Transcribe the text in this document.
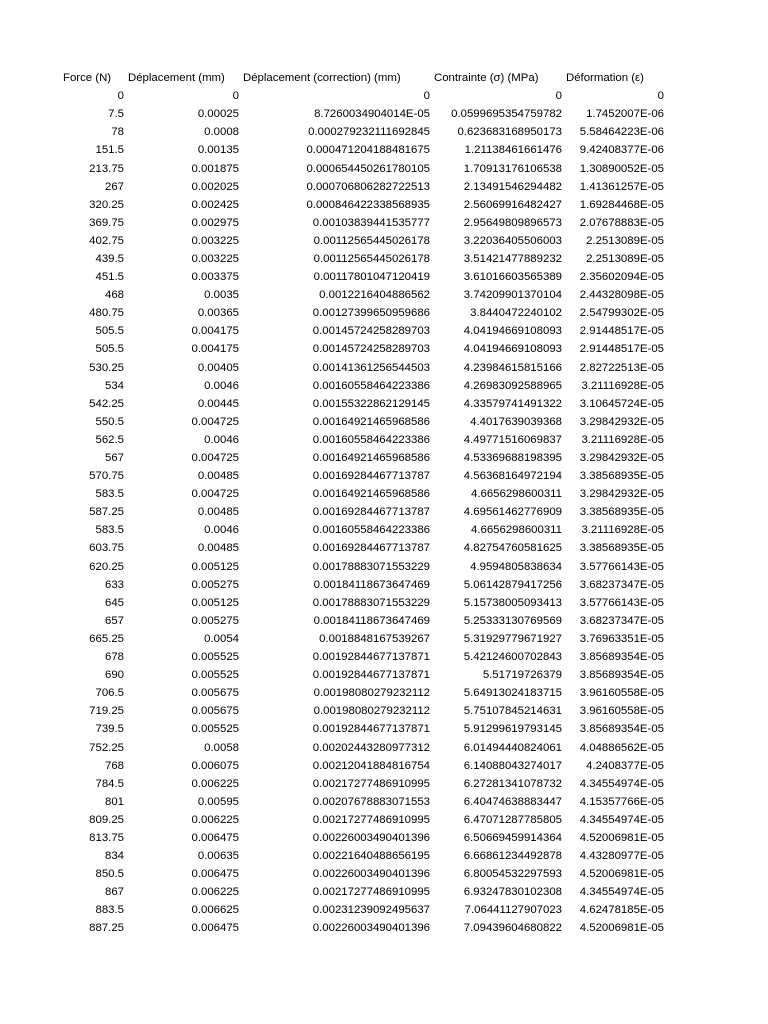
Force (N)	Déplacement (mm)	Déplacement (correction) (mm)	Contrainte (σ) (MPa)	Déformation (ε)
0	0	0	0	0
7.5	0.00025	8.7260034904014E-05	0.0599695354759782	1.7452007E-06
78	0.0008	0.000279232111692845	0.623683168950173	5.58464223E-06
151.5	0.00135	0.000471204188481675	1.21138461661476	9.42408377E-06
213.75	0.001875	0.000654450261780105	1.70913176106538	1.30890052E-05
267	0.002025	0.000706806282722513	2.13491546294482	1.41361257E-05
320.25	0.002425	0.000846422338568935	2.56069916482427	1.69284468E-05
369.75	0.002975	0.00103839441535777	2.95649809896573	2.07678883E-05
402.75	0.003225	0.00112565445026178	3.22036405506003	2.2513089E-05
439.5	0.003225	0.00112565445026178	3.51421477889232	2.2513089E-05
451.5	0.003375	0.00117801047120419	3.61016603565389	2.35602094E-05
468	0.0035	0.0012216404886562	3.74209901370104	2.44328098E-05
480.75	0.00365	0.00127399650959686	3.8440472240102	2.54799302E-05
505.5	0.004175	0.00145724258289703	4.04194669108093	2.91448517E-05
505.5	0.004175	0.00145724258289703	4.04194669108093	2.91448517E-05
530.25	0.00405	0.00141361256544503	4.23984615815166	2.82722513E-05
534	0.0046	0.00160558464223386	4.26983092588965	3.21116928E-05
542.25	0.00445	0.00155322862129145	4.33579741491322	3.10645724E-05
550.5	0.004725	0.00164921465968586	4.4017639039368	3.29842932E-05
562.5	0.0046	0.00160558464223386	4.49771516069837	3.21116928E-05
567	0.004725	0.00164921465968586	4.53369688198395	3.29842932E-05
570.75	0.00485	0.00169284467713787	4.56368164972194	3.38568935E-05
583.5	0.004725	0.00164921465968586	4.6656298600311	3.29842932E-05
587.25	0.00485	0.00169284467713787	4.69561462776909	3.38568935E-05
583.5	0.0046	0.00160558464223386	4.6656298600311	3.21116928E-05
603.75	0.00485	0.00169284467713787	4.82754760581625	3.38568935E-05
620.25	0.005125	0.00178883071553229	4.9594805838634	3.57766143E-05
633	0.005275	0.00184118673647469	5.06142879417256	3.68237347E-05
645	0.005125	0.00178883071553229	5.15738005093413	3.57766143E-05
657	0.005275	0.00184118673647469	5.25333130769569	3.68237347E-05
665.25	0.0054	0.0018848167539267	5.31929779671927	3.76963351E-05
678	0.005525	0.00192844677137871	5.42124600702843	3.85689354E-05
690	0.005525	0.00192844677137871	5.51719726379	3.85689354E-05
706.5	0.005675	0.00198080279232112	5.64913024183715	3.96160558E-05
719.25	0.005675	0.00198080279232112	5.75107845214631	3.96160558E-05
739.5	0.005525	0.00192844677137871	5.91299619793145	3.85689354E-05
752.25	0.0058	0.00202443280977312	6.01494440824061	4.04886562E-05
768	0.006075	0.00212041884816754	6.14088043274017	4.2408377E-05
784.5	0.006225	0.00217277486910995	6.27281341078732	4.34554974E-05
801	0.00595	0.00207678883071553	6.40474638883447	4.15357766E-05
809.25	0.006225	0.00217277486910995	6.47071287785805	4.34554974E-05
813.75	0.006475	0.00226003490401396	6.50669459914364	4.52006981E-05
834	0.00635	0.00221640488656195	6.66861234492878	4.43280977E-05
850.5	0.006475	0.00226003490401396	6.80054532297593	4.52006981E-05
867	0.006225	0.00217277486910995	6.93247830102308	4.34554974E-05
883.5	0.006625	0.00231239092495637	7.06441127907023	4.62478185E-05
887.25	0.006475	0.00226003490401396	7.09439604680822	4.52006981E-05
